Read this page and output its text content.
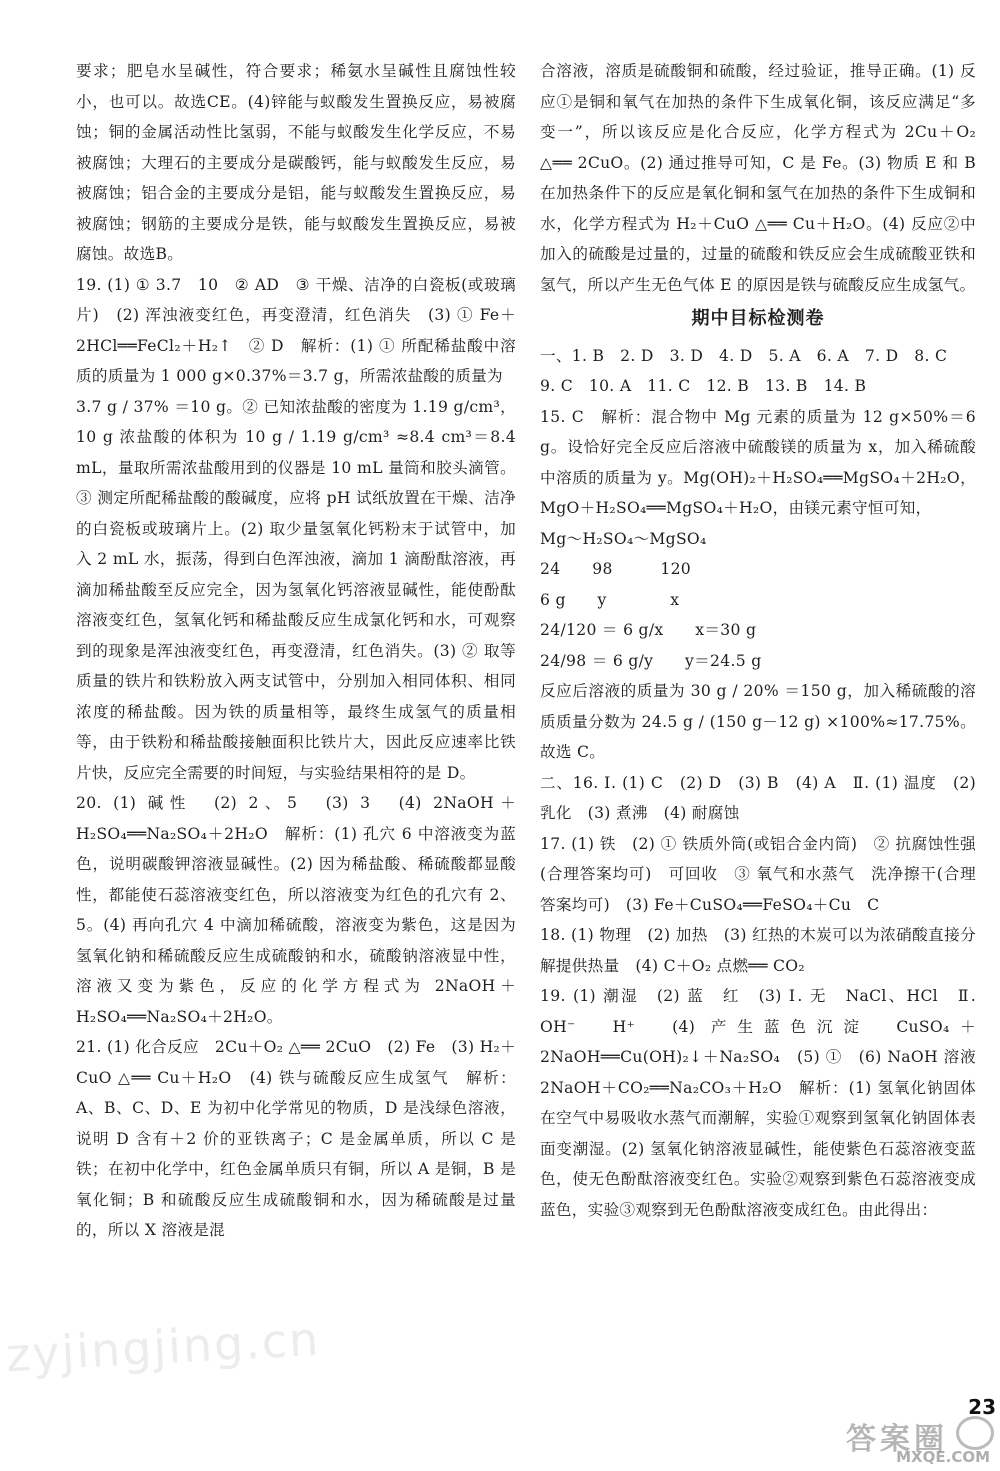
要求；肥皂水呈碱性，符合要求；稀氨水呈碱性且腐蚀性较小，也可以。故选CE。(4)锌能与蚁酸发生置换反应，易被腐蚀；铜的金属活动性比氢弱，不能与蚁酸发生化学反应，不易被腐蚀；大理石的主要成分是碳酸钙，能与蚁酸发生反应，易被腐蚀；铝合金的主要成分是铝，能与蚁酸发生置换反应，易被腐蚀；钢筋的主要成分是铁，能与蚁酸发生置换反应，易被腐蚀。故选B。

19. (1) ① 3.7　10　② AD　③ 干燥、洁净的白瓷板(或玻璃片)　(2) 浑浊液变红色，再变澄清，红色消失　(3) ① Fe＋2HCl══FeCl₂＋H₂↑　② D　解析：(1) ① 所配稀盐酸中溶质的质量为 1 000 g×0.37%＝3.7 g，所需浓盐酸的质量为

3.7 g / 37% ＝10 g。② 已知浓盐酸的密度为 1.19 g/cm³，10 g 浓盐酸的体积为 10 g / 1.19 g/cm³ ≈8.4 cm³＝8.4 mL，量取所需浓盐酸用到的仪器是 10 mL 量筒和胶头滴管。③ 测定所配稀盐酸的酸碱度，应将 pH 试纸放置在干燥、洁净的白瓷板或玻璃片上。(2) 取少量氢氧化钙粉末于试管中，加入 2 mL 水，振荡，得到白色浑浊液，滴加 1 滴酚酞溶液，再滴加稀盐酸至反应完全，因为氢氧化钙溶液显碱性，能使酚酞溶液变红色，氢氧化钙和稀盐酸反应生成氯化钙和水，可观察到的现象是浑浊液变红色，再变澄清，红色消失。(3) ② 取等质量的铁片和铁粉放入两支试管中，分别加入相同体积、相同浓度的稀盐酸。因为铁的质量相等，最终生成氢气的质量相等，由于铁粉和稀盐酸接触面积比铁片大，因此反应速率比铁片快，反应完全需要的时间短，与实验结果相符的是 D。

20. (1) 碱性　(2) 2、5　(3) 3　(4) 2NaOH＋H₂SO₄══Na₂SO₄＋2H₂O　解析：(1) 孔穴 6 中溶液变为蓝色，说明碳酸钾溶液显碱性。(2) 因为稀盐酸、稀硫酸都显酸性，都能使石蕊溶液变红色，所以溶液变为红色的孔穴有 2、5。(4) 再向孔穴 4 中滴加稀硫酸，溶液变为紫色，这是因为氢氧化钠和稀硫酸反应生成硫酸钠和水，硫酸钠溶液显中性，溶液又变为紫色，反应的化学方程式为 2NaOH＋H₂SO₄══Na₂SO₄＋2H₂O。

21. (1) 化合反应　2Cu＋O₂ △══ 2CuO　(2) Fe　(3) H₂＋CuO △══ Cu＋H₂O　(4) 铁与硫酸反应生成氢气　解析：A、B、C、D、E 为初中化学常见的物质，D 是浅绿色溶液，说明 D 含有＋2 价的亚铁离子；C 是金属单质，所以 C 是铁；在初中化学中，红色金属单质只有铜，所以 A 是铜，B 是氧化铜；B 和硫酸反应生成硫酸铜和水，因为稀硫酸是过量的，所以 X 溶液是混

合溶液，溶质是硫酸铜和硫酸，经过验证，推导正确。(1) 反应①是铜和氧气在加热的条件下生成氧化铜，该反应满足“多变一”，所以该反应是化合反应，化学方程式为 2Cu＋O₂ △══ 2CuO。(2) 通过推导可知，C 是 Fe。(3) 物质 E 和 B 在加热条件下的反应是氧化铜和氢气在加热的条件下生成铜和水，化学方程式为 H₂＋CuO △══ Cu＋H₂O。(4) 反应②中加入的硫酸是过量的，过量的硫酸和铁反应会生成硫酸亚铁和氢气，所以产生无色气体 E 的原因是铁与硫酸反应生成氢气。

期中目标检测卷

一、1. B　2. D　3. D　4. D　5. A　6. A　7. D　8. C

9. C　10. A　11. C　12. B　13. B　14. B

15. C　解析：混合物中 Mg 元素的质量为 12 g×50%＝6 g。设恰好完全反应后溶液中硫酸镁的质量为 x，加入稀硫酸中溶质的质量为 y。Mg(OH)₂＋H₂SO₄══MgSO₄＋2H₂O，MgO＋H₂SO₄══MgSO₄＋H₂O，由镁元素守恒可知，

Mg～H₂SO₄～MgSO₄
24　　98　　　120
6 g　　y　　　　x

24/120 ＝ 6 g/x　　x＝30 g

24/98 ＝ 6 g/y　　y＝24.5 g

反应后溶液的质量为 30 g / 20% ＝150 g，加入稀硫酸的溶质质量分数为 24.5 g / (150 g－12 g) ×100%≈17.75%。故选 C。

二、16. Ⅰ. (1) C　(2) D　(3) B　(4) A　Ⅱ. (1) 温度　(2) 乳化　(3) 煮沸　(4) 耐腐蚀

17. (1) 铁　(2) ① 铁质外筒(或铝合金内筒)　② 抗腐蚀性强(合理答案均可)　可回收　③ 氧气和水蒸气　洗净擦干(合理答案均可)　(3) Fe＋CuSO₄══FeSO₄＋Cu　C

18. (1) 物理　(2) 加热　(3) 红热的木炭可以为浓硝酸直接分解提供热量　(4) C＋O₂ 点燃══ CO₂

19. (1) 潮湿　(2) 蓝　红　(3) Ⅰ. 无　NaCl、HCl　Ⅱ. OH⁻　H⁺　(4) 产生蓝色沉淀　CuSO₄＋2NaOH══Cu(OH)₂↓＋Na₂SO₄　(5) ①　(6) NaOH 溶液　2NaOH＋CO₂══Na₂CO₃＋H₂O　解析：(1) 氢氧化钠固体在空气中易吸收水蒸气而潮解，实验①观察到氢氧化钠固体表面变潮湿。(2) 氢氧化钠溶液显碱性，能使紫色石蕊溶液变蓝色，使无色酚酞溶液变红色。实验②观察到紫色石蕊溶液变成蓝色，实验③观察到无色酚酞溶液变成红色。由此得出：

23
zyjingjing.cn
答案圈
MXQE.COM
